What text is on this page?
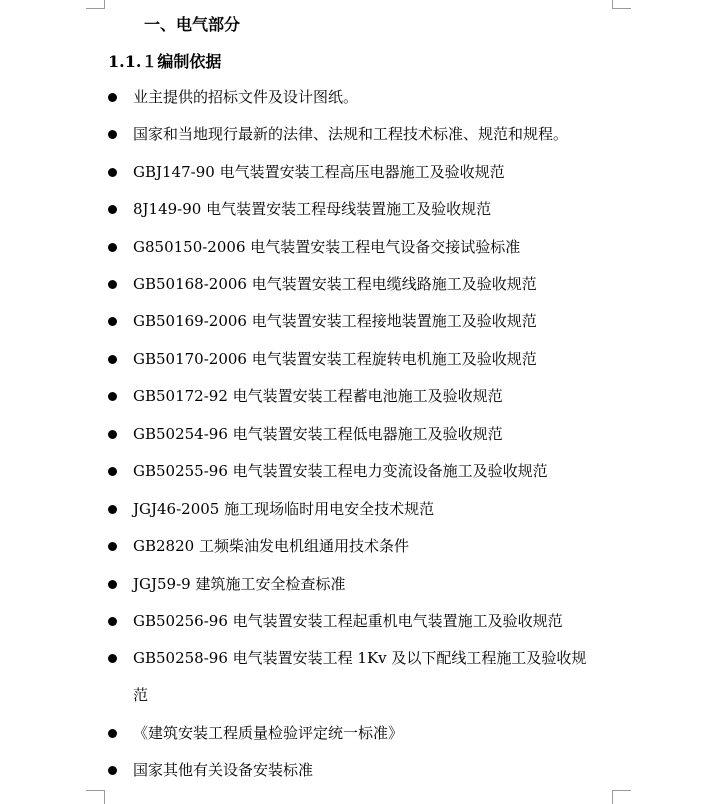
一、电气部分
1.1.１编制依据
业主提供的招标文件及设计图纸。
国家和当地现行最新的法律、法规和工程技术标准、规范和规程。
GBJ147-90 电气装置安装工程高压电器施工及验收规范
8J149-90 电气装置安装工程母线装置施工及验收规范
G850150-2006 电气装置安装工程电气设备交接试验标准
GB50168-2006 电气装置安装工程电缆线路施工及验收规范
GB50169-2006 电气装置安装工程接地装置施工及验收规范
GB50170-2006 电气装置安装工程旋转电机施工及验收规范
GB50172-92 电气装置安装工程蓄电池施工及验收规范
GB50254-96 电气装置安装工程低电器施工及验收规范
GB50255-96 电气装置安装工程电力变流设备施工及验收规范
JGJ46-2005 施工现场临时用电安全技术规范
GB2820 工频柴油发电机组通用技术条件
JGJ59-9 建筑施工安全检查标准
GB50256-96 电气装置安装工程起重机电气装置施工及验收规范
GB50258-96 电气装置安装工程 1Kv 及以下配线工程施工及验收规
范
《建筑安装工程质量检验评定统一标准》
国家其他有关设备安装标准
